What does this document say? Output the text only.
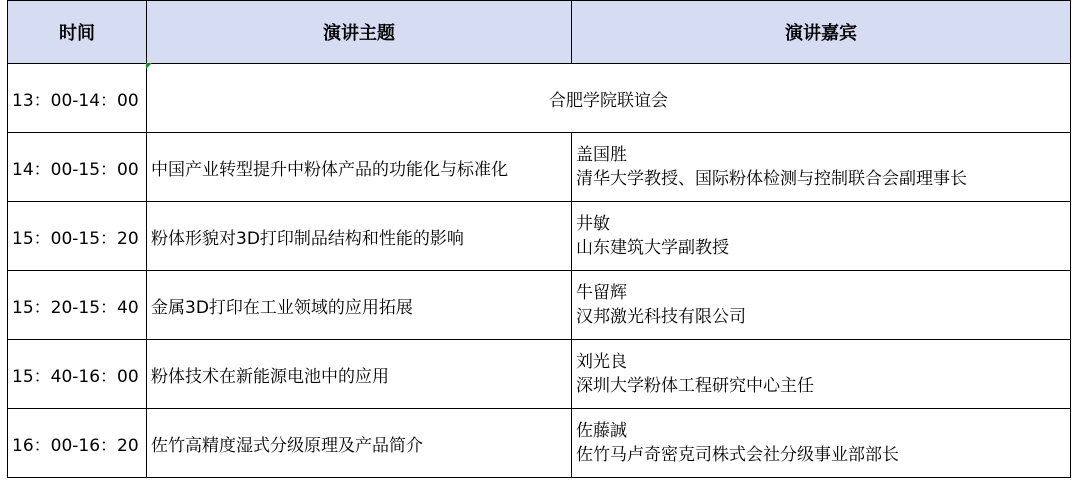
时间	演讲主题	演讲嘉宾
13：00-14：00	合肥学院联谊会	
14：00-15：00	中国产业转型提升中粉体产品的功能化与标准化	盖国胜
清华大学教授、国际粉体检测与控制联合会副理事长

15：00-15：20	粉体形貌对3D打印制品结构和性能的影响	井敏
山东建筑大学副教授

15：20-15：40	金属3D打印在工业领域的应用拓展	牛留辉
汉邦激光科技有限公司

15：40-16：00	粉体技术在新能源电池中的应用	刘光良
深圳大学粉体工程研究中心主任

16：00-16：20	佐竹高精度湿式分级原理及产品简介	佐藤誠
佐竹马卢奇密克司株式会社分级事业部部长
